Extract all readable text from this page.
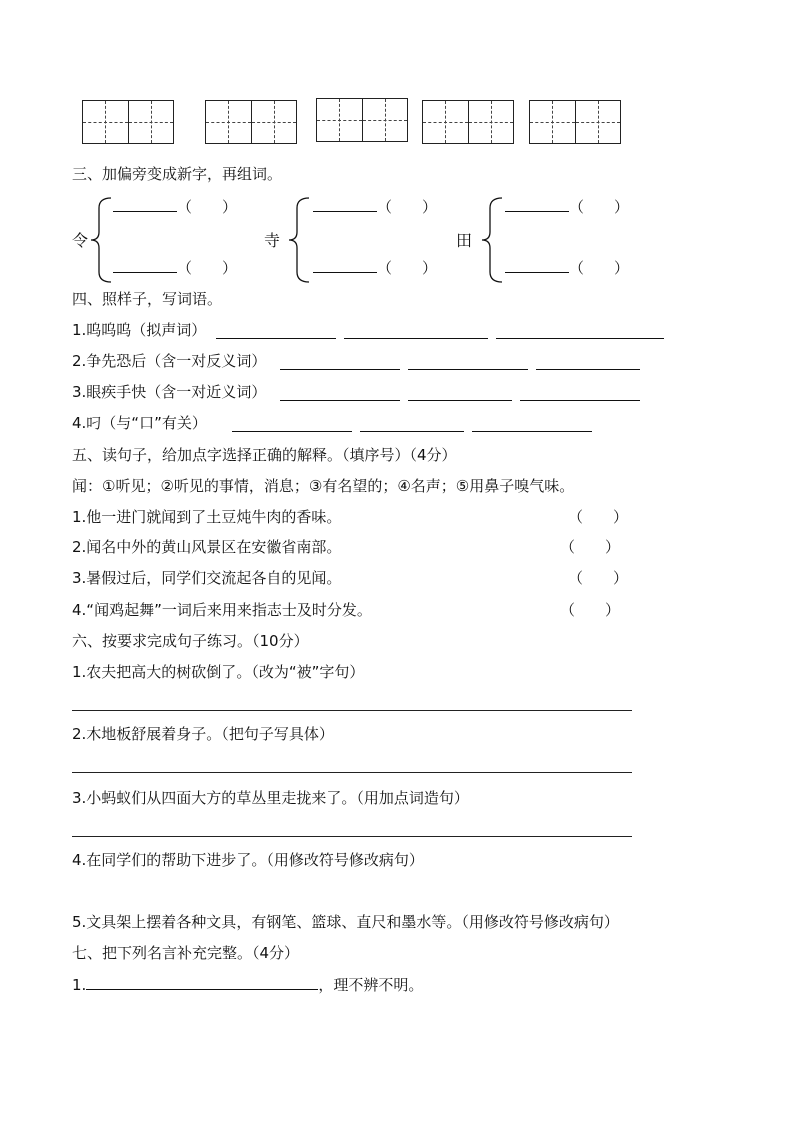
三、加偏旁变成新字，再组词。
令
（　　）
（　　）
寺
（　　）
（　　）
田
（　　）
（　　）
四、照样子，写词语。
1.呜呜呜（拟声词）
2.争先恐后（含一对反义词）
3.眼疾手快（含一对近义词）
4.叼（与“口”有关）
五、读句子，给加点字选择正确的解释。（填序号）（4分）
闻：①听见；②听见的事情，消息；③有名望的；④名声；⑤用鼻子嗅气味。
1.他一进门就闻到了土豆炖牛肉的香味。	（　　）
2.闻名中外的黄山风景区在安徽省南部。	（　　）
3.暑假过后，同学们交流起各自的见闻。	（　　）
4.“闻鸡起舞”一词后来用来指志士及时分发。	（　　）
六、按要求完成句子练习。（10分）
1.农夫把高大的树砍倒了。（改为“被”字句）
2.木地板舒展着身子。（把句子写具体）
3.小蚂蚁们从四面大方的草丛里走拢来了。（用加点词造句）
4.在同学们的帮助下进步了。（用修改符号修改病句）
5.文具架上摆着各种文具，有钢笔、篮球、直尺和墨水等。（用修改符号修改病句）
七、把下列名言补充完整。（4分）
1.	，理不辨不明。
